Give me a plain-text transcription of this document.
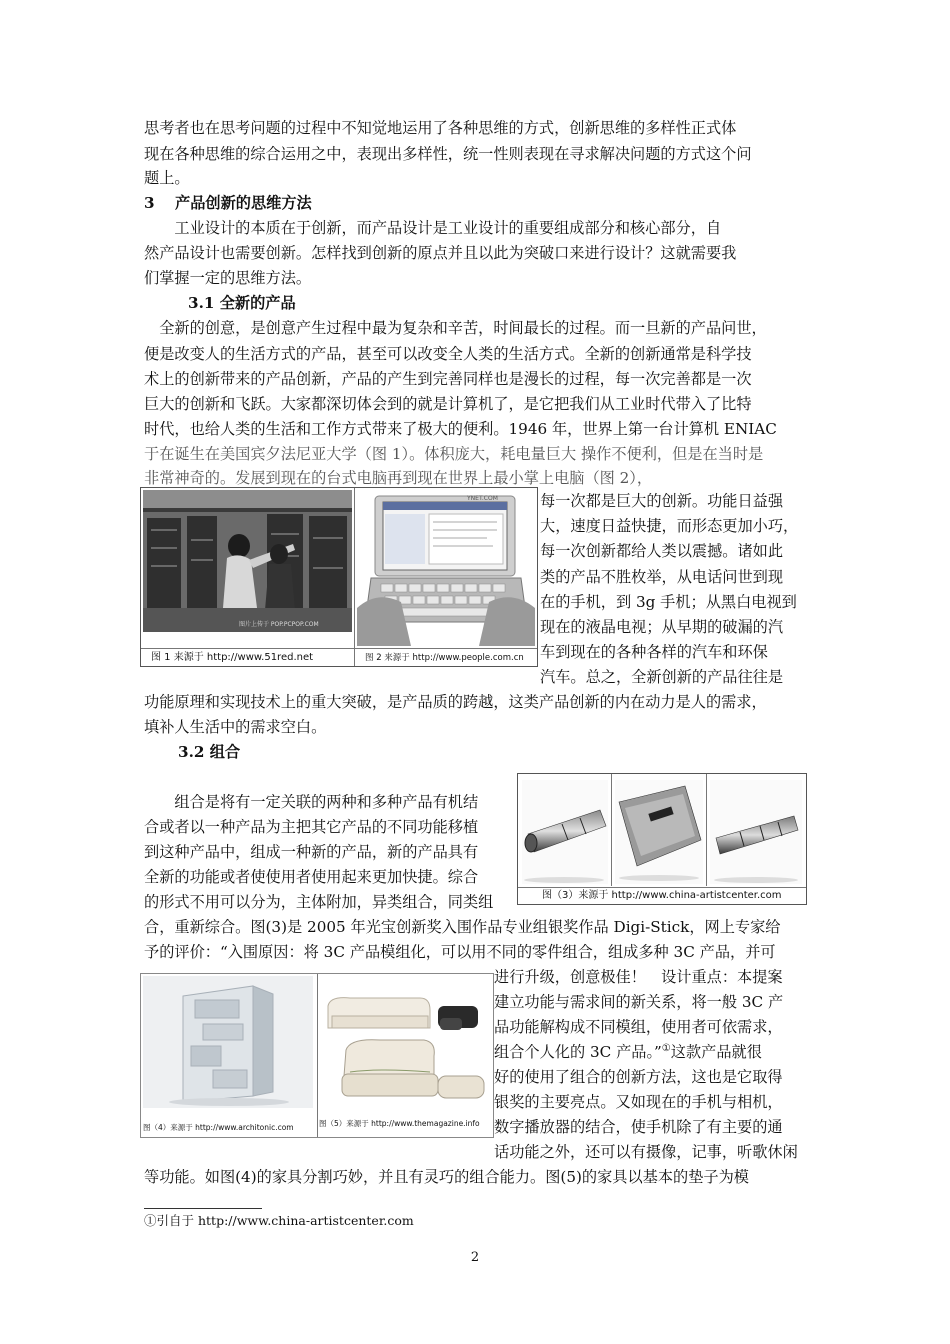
思考者也在思考问题的过程中不知觉地运用了各种思维的方式，创新思维的多样性正式体
现在各种思维的综合运用之中，表现出多样性，统一性则表现在寻求解决问题的方式这个问
题上。
3　 产品创新的思维方法
　　工业设计的本质在于创新，而产品设计是工业设计的重要组成部分和核心部分，自
然产品设计也需要创新。怎样找到创新的原点并且以此为突破口来进行设计？这就需要我
们掌握一定的思维方法。
3.1 全新的产品
　全新的创意，是创意产生过程中最为复杂和辛苦，时间最长的过程。而一旦新的产品问世，
便是改变人的生活方式的产品，甚至可以改变全人类的生活方式。全新的创新通常是科学技
术上的创新带来的产品创新，产品的产生到完善同样也是漫长的过程，每一次完善都是一次
巨大的创新和飞跃。大家都深切体会到的就是计算机了，是它把我们从工业时代带入了比特
时代，也给人类的生活和工作方式带来了极大的便利。1946 年，世界上第一台计算机 ENIAC
于在诞生在美国宾夕法尼亚大学（图 1）。体积庞大，耗电量巨大 操作不便利，但是在当时是
非常神奇的。发展到现在的台式电脑再到现在世界上最小掌上电脑（图 2），
图片上传于 POP.PCPOP.COM
YNET.COM
图 1 来源于 http://www.51red.net	图 2 来源于 http://www.people.com.cn
每一次都是巨大的创新。功能日益强
大，速度日益快捷，而形态更加小巧，
每一次创新都给人类以震撼。诸如此
类的产品不胜枚举，从电话问世到现
在的手机，到 3g 手机；从黑白电视到
现在的液晶电视；从早期的破漏的汽
车到现在的各种各样的汽车和环保
汽车。总之，全新创新的产品往往是
功能原理和实现技术上的重大突破，是产品质的跨越，这类产品创新的内在动力是人的需求，
填补人生活中的需求空白。
3.2 组合
图（3）来源于 http://www.china-artistcenter.com
　　组合是将有一定关联的两种和多种产品有机结
合或者以一种产品为主把其它产品的不同功能移植
到这种产品中，组成一种新的产品，新的产品具有
全新的功能或者使使用者使用起来更加快捷。综合
的形式不用可以分为，主体附加，异类组合，同类组
合，重新综合。图(3)是 2005 年光宝创新奖入围作品专业组银奖作品 Digi-Stick，网上专家给
予的评价：“入围原因：将 3C 产品模组化，可以用不同的零件组合，组成多种 3C 产品，并可
图（4）来源于 http://www.architonic.com	图（5）来源于 http://www.themagazine.info
进行升级，创意极佳！　设计重点：本提案
建立功能与需求间的新关系，将一般 3C 产
品功能解构成不同模组，使用者可依需求，
组合个人化的 3C 产品。”①这款产品就很
好的使用了组合的创新方法，这也是它取得
银奖的主要亮点。又如现在的手机与相机，
数字播放器的结合，使手机除了有主要的通
话功能之外，还可以有摄像，记事，听歌休闲
等功能。如图(4)的家具分割巧妙，并且有灵巧的组合能力。图(5)的家具以基本的垫子为模
①引自于 http://www.china-artistcenter.com
2
